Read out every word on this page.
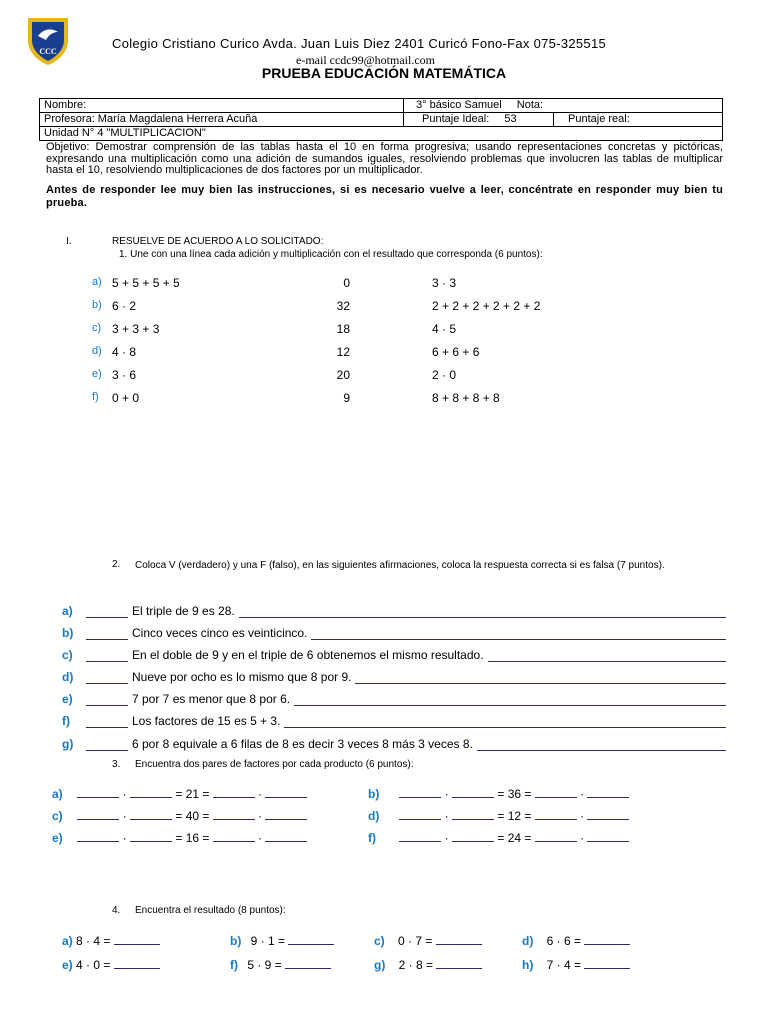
CCC
Colegio Cristiano Curico Avda. Juan Luis Diez 2401 Curicó Fono-Fax 075-325515
e-mail ccdc99@hotmail.com
PRUEBA EDUCACIÓN MATEMÁTICA
Nombre:	3° básico Samuel Nota:	
Profesora: María Magdalena Herrera Acuña	Puntaje Ideal: 53	Puntaje real:
Unidad N° 4 "MULTIPLICACION"		
Objetivo: Demostrar comprensión de las tablas hasta el 10 en forma progresiva; usando representaciones concretas y pictóricas, expresando una multiplicación como una adición de sumandos iguales, resolviendo problemas que involucren las tablas de multiplicar hasta el 10, resolviendo multiplicaciones de dos factores por un multiplicador.
Antes de responder lee muy bien las instrucciones, si es necesario vuelve a leer, concéntrate en responder muy bien tu prueba.
I.	RESUELVE DE ACUERDO A LO SOLICITADO:
1. Une con una línea cada adición y multiplicación con el resultado que corresponda (6 puntos):
a) 5 + 5 + 5 + 5	0	3 · 3
b) 6 · 2	32	2 + 2 + 2 + 2 + 2 + 2
c) 3 + 3 + 3	18	4 · 5
d) 4 · 8	12	6 + 6 + 6
e) 3 · 6	20	2 · 0
f) 0 + 0	9	8 + 8 + 8 + 8
2. Coloca V (verdadero) y una F (falso), en las siguientes afirmaciones, coloca la respuesta correcta si es falsa (7 puntos).
a)	El triple de 9 es 28.
b)	Cinco veces cinco es veinticinco.
c)	En el doble de 9 y en el triple de 6 obtenemos el mismo resultado.
d)	Nueve por ocho es lo mismo que 8 por 9.
e)	7 por 7 es menor que 8 por 6.
f)	Los factores de 15 es 5 + 3.
g)	6 por 8 equivale a 6 filas de 8 es decir 3 veces 8 más 3 veces 8.
3. Encuentra dos pares de factores por cada producto (6 puntos):
a)	·	= 21 =	·	b)	·	= 36 =	·
c)	·	= 40 =	·	d)	·	= 12 =	·
e)	·	= 16 =	·	f)	·	= 24 =	·
4. Encuentra el resultado (8 puntos):
a) 8 · 4 =	b) 9 · 1 =	c) 0 · 7 =	d) 6 · 6 =
e) 4 · 0 =	f) 5 · 9 =	g) 2 · 8 =	h) 7 · 4 =
